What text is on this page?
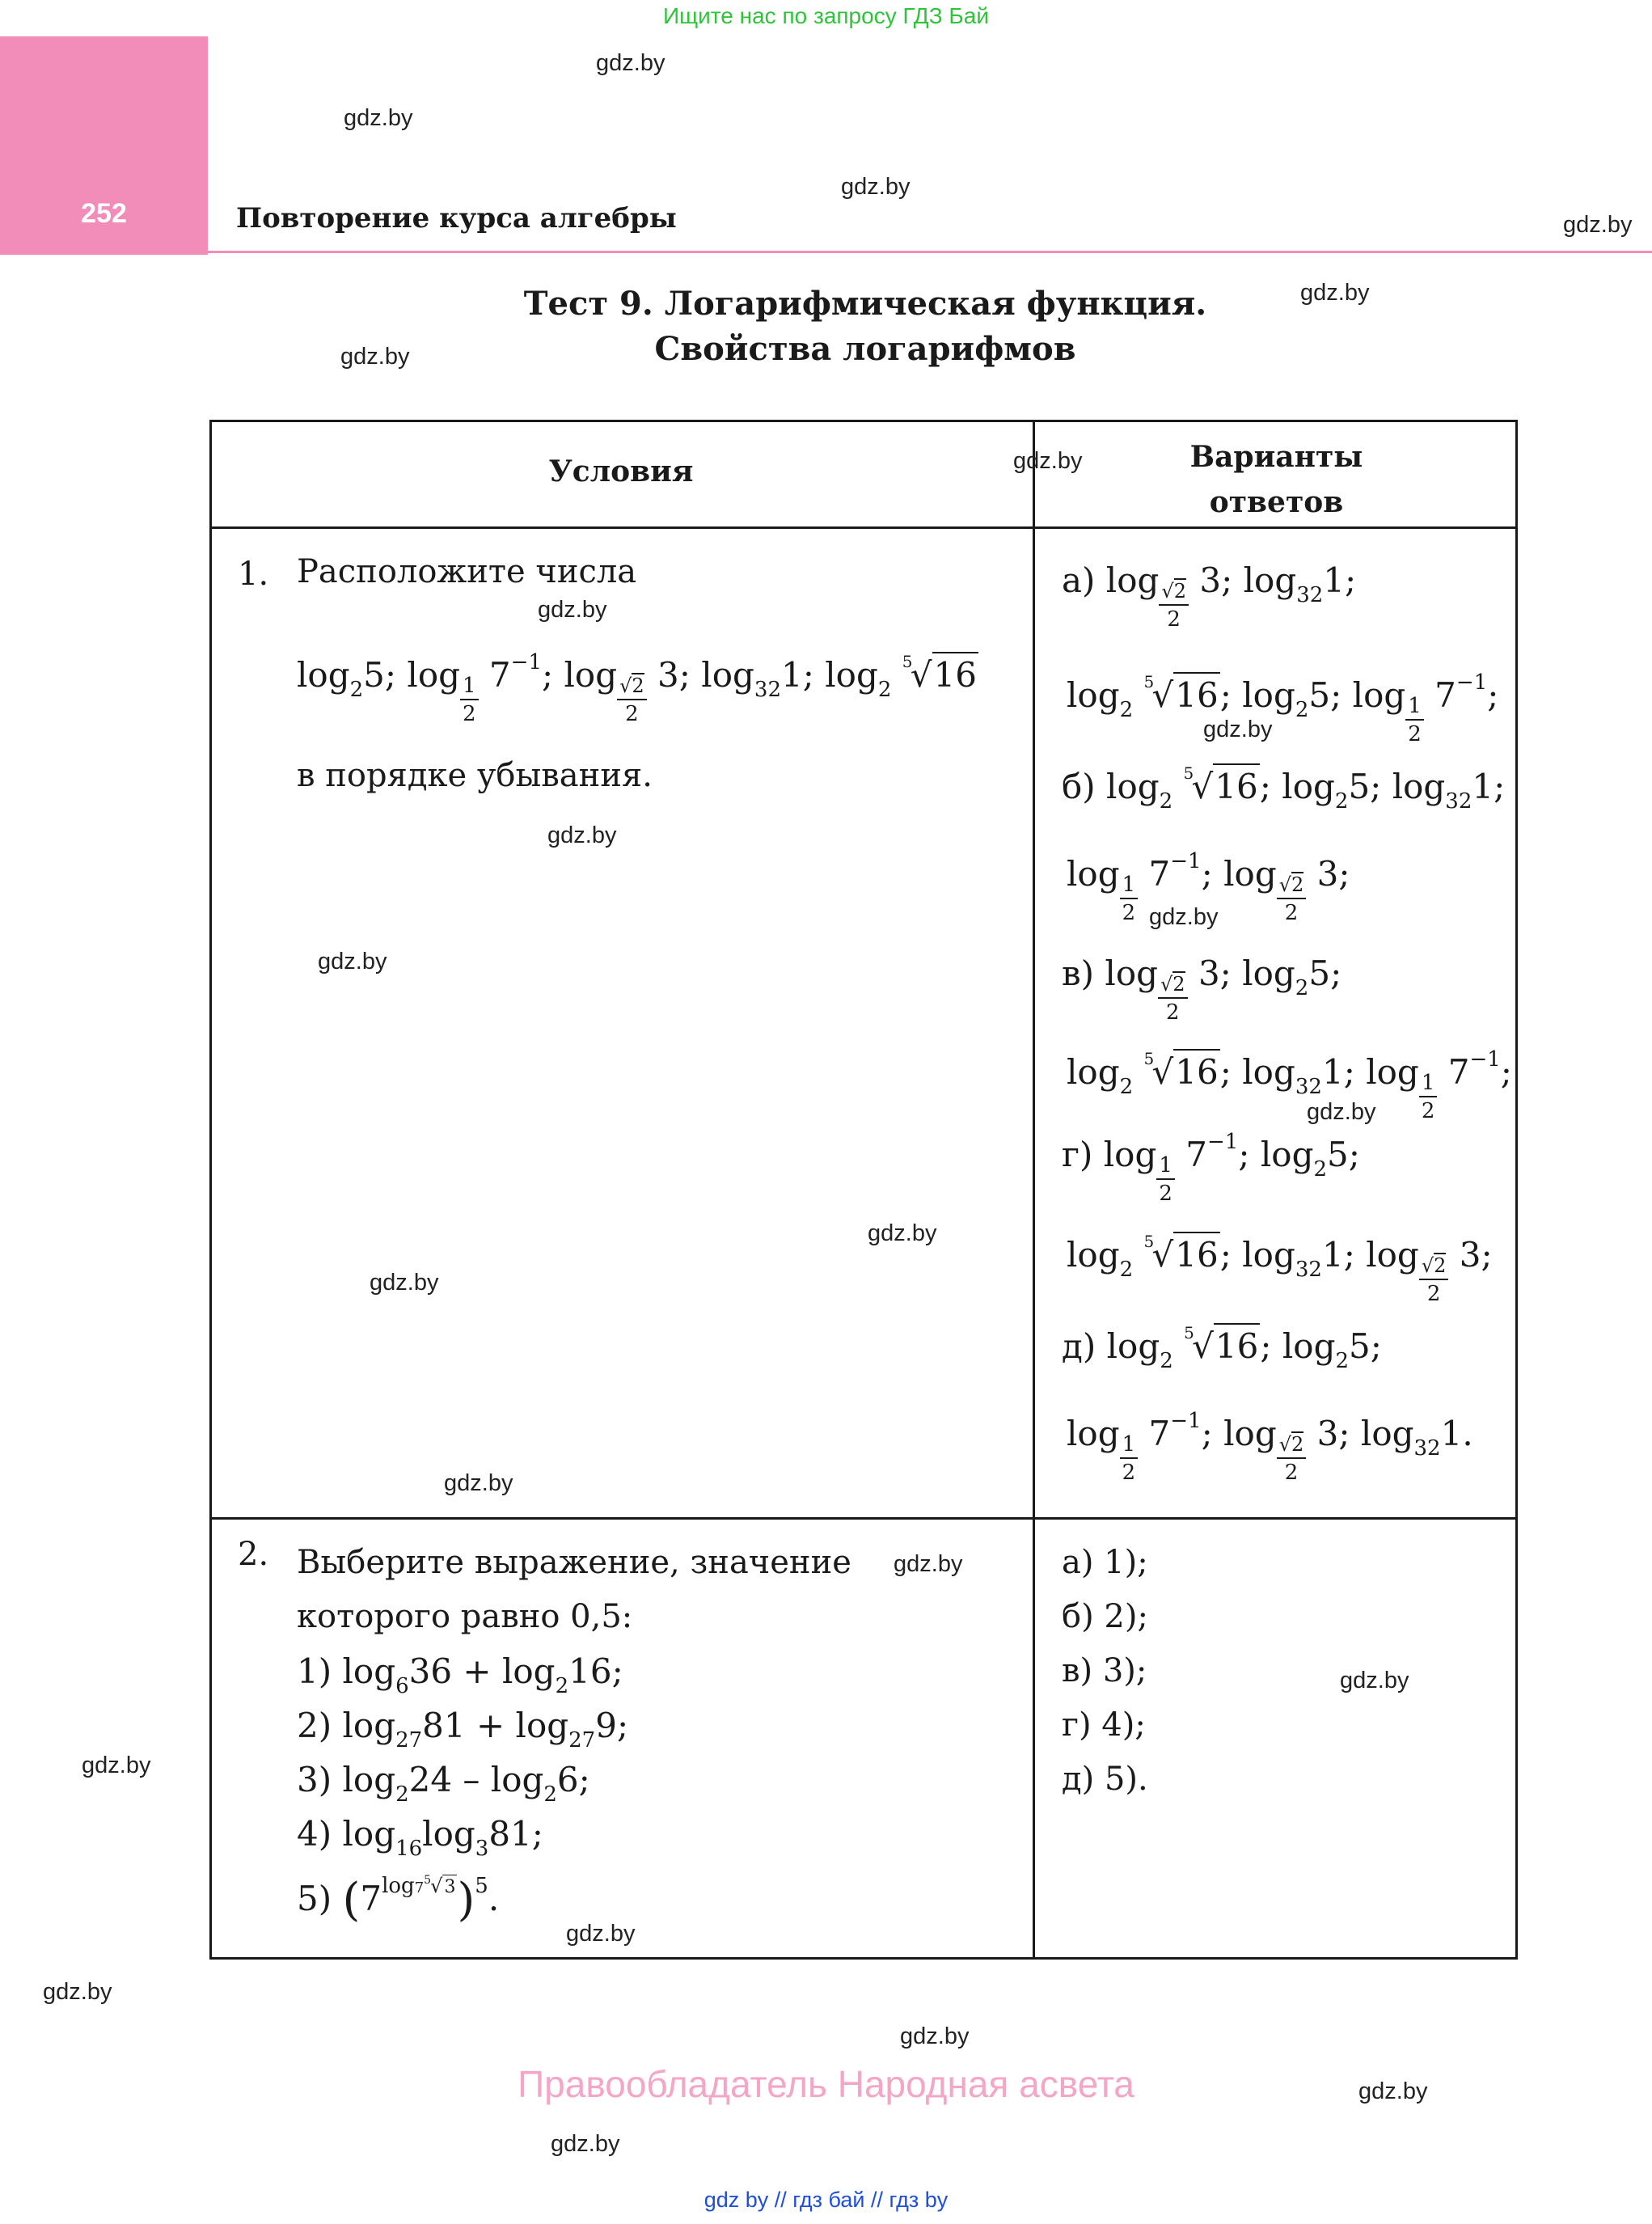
Ищите нас по запросу ГДЗ Бай
252	Повторение курса алгебры
Тест 9. Логарифмическая функция.
Свойства логарифмов
Условия	Варианты
ответов
1. Расположите числа
$\log_25$; log
$\frac{1}{2}$
$7^{-1}$; log
$\frac{√2}{2}$
3; $\log_{32}1$; $\log_2$
5
√16
в порядке убывания.
а) log
$\frac{√2}{2}$
3; $\log_{32}1$;
$\log_2$
5
√16; $\log_25$; log
$\frac{1}{2}$
$7^{-1}$;
б) $\log_2$
5
√16; $\log_25$; $\log_{32}1$;
log
$\frac{1}{2}$
$7^{-1}$; log
$\frac{√2}{2}$
3;
в) log
$\frac{√2}{2}$
3; $\log_25$;
$\log_2$
5
√16; $\log_{32}1$; log
$\frac{1}{2}$
$7^{-1}$;
г) log
$\frac{1}{2}$
$7^{-1}$; $\log_25$;
$\log_2$
5
√16; $\log_{32}1$; log
$\frac{√2}{2}$
3;
д) $\log_2$
5
√16; $\log_25$;
log
$\frac{1}{2}$
$7^{-1}$; log
$\frac{√2}{2}$
3; $\log_{32}1$.
2. Выберите выражение, значение
которого равно 0,5:
1) $\log_636 + \log_216$;
2) $\log_{27}81 + \log_{27}9$;
3) $\log_224 - \log_26$;
4) $\log_{16}\log_381$;
5) $(7^{log7 5 √3})^5$.
а) 1);
б) 2);
в) 3);
г) 4);
д) 5).
gdz.by
gdz.by
gdz.by
gdz.by
gdz.by
gdz.by
gdz.by
gdz.by
gdz.by
gdz.by
gdz.by
gdz.by
gdz.by
gdz.by
gdz.by
gdz.by
gdz.by
gdz.by
gdz.by
gdz.by
gdz.by
gdz.by
gdz.by
gdz.by
Правообладатель Народная асвета
gdz by // гдз бай // гдз by
